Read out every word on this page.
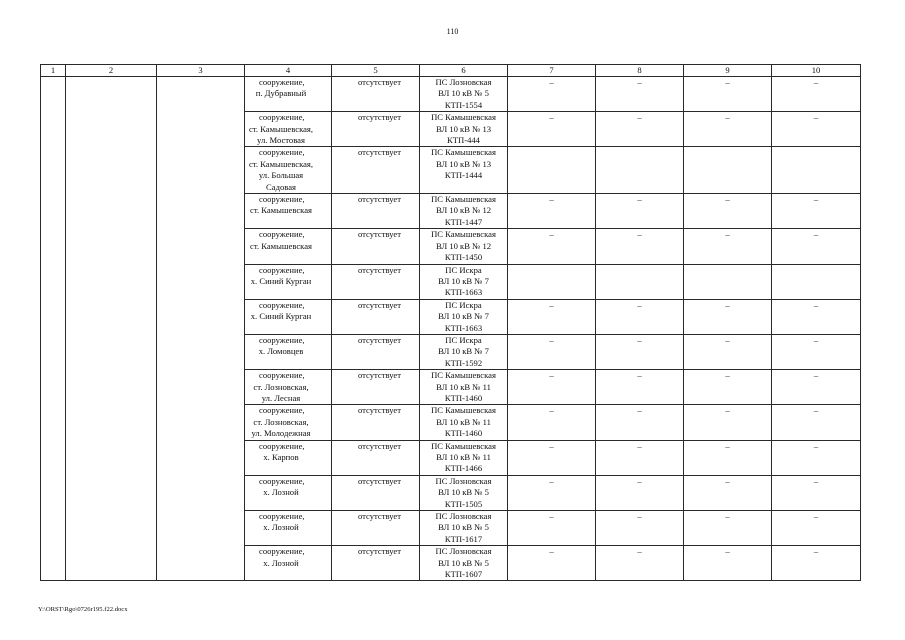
110
1	2	3	4	5	6	7	8	9	10

			сооружение,
п. Дубравный	отсутствует	ПС Лозновская
ВЛ 10 кВ № 5
КТП-1554	–	–	–	–

			сооружение,
ст. Камышевская,
ул. Мостовая	отсутствует	ПС Камышевская
ВЛ 10 кВ № 13
КТП-444	–	–	–	–

			сооружение,
ст. Камышевская,
ул. Большая
Садовая	отсутствует	ПС Камышевская
ВЛ 10 кВ № 13
КТП-1444				

			сооружение,
ст. Камышевская	отсутствует	ПС Камышевская
ВЛ 10 кВ № 12
КТП-1447	–	–	–	–

			сооружение,
ст. Камышевская	отсутствует	ПС Камышевская
ВЛ 10 кВ № 12
КТП-1450	–	–	–	–

			сооружение,
х. Синий Курган	отсутствует	ПС Искра
ВЛ 10 кВ № 7
КТП-1663				

			сооружение,
х. Синий Курган	отсутствует	ПС Искра
ВЛ 10 кВ № 7
КТП-1663	–	–	–	–

			сооружение,
х. Ломовцев	отсутствует	ПС Искра
ВЛ 10 кВ № 7
КТП-1592	–	–	–	–

			сооружение,
ст. Лозновская,
ул. Лесная	отсутствует	ПС Камышевская
ВЛ 10 кВ № 11
КТП-1460	–	–	–	–

			сооружение,
ст. Лозновская,
ул. Молодежная	отсутствует	ПС Камышевская
ВЛ 10 кВ № 11
КТП-1460	–	–	–	–

			сооружение,
х. Карпов	отсутствует	ПС Камышевская
ВЛ 10 кВ № 11
КТП-1466	–	–	–	–

			сооружение,
х. Лозной	отсутствует	ПС Лозновская
ВЛ 10 кВ № 5
КТП-1505	–	–	–	–

			сооружение,
х. Лозной	отсутствует	ПС Лозновская
ВЛ 10 кВ № 5
КТП-1617	–	–	–	–

			сооружение,
х. Лозной	отсутствует	ПС Лозновская
ВЛ 10 кВ № 5
КТП-1607	–	–	–	–
Y:\ORST\Rgo\0726r195.f22.docx
